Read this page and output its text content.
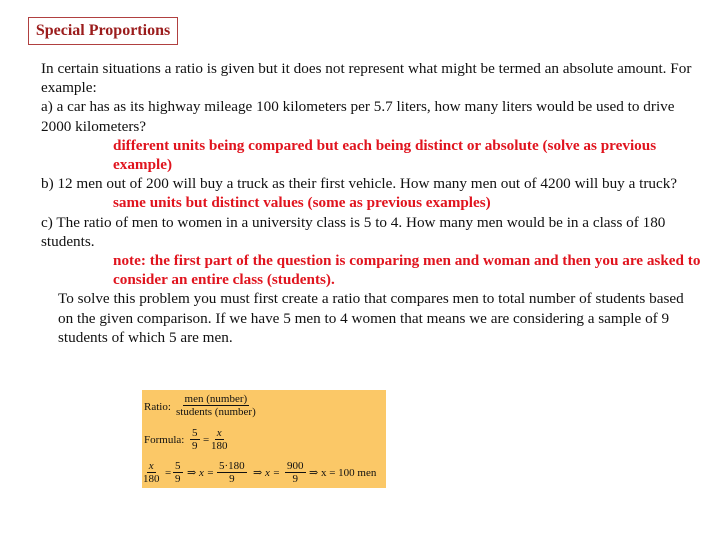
Special Proportions

In certain situations a ratio is given but it does not represent what might be termed an absolute amount. For example:

a) a car has as its highway mileage 100 kilometers per 5.7 liters, how many liters would be used to drive 2000 kilometers?

different units being compared but each being distinct or absolute (solve as previous example)

b) 12 men out of 200 will buy a truck as their first vehicle. How many men out of 4200 will buy a truck?

same units but distinct values (some as previous examples)

c) The ratio of men to women in a university class is 5 to 4. How many men would be in a class of 180 students.

note: the first part of the question is comparing men and woman and then you are asked to consider an entire class (students).

To solve this problem you must first create a ratio that compares men to total number of students based on the given comparison. If we have 5 men to 4 women that means we are considering a sample of 9 students of which 5 are men.

Ratio:
men (number)
students (number)
Formula: $\frac{5}{9} = \frac{x}{180}$
$\frac{x}{180} = \frac{5}{9}$ ⇒ $x = \frac{5\cdot 180}{9}$ ⇒ $x = \frac{900}{9}$ ⇒ x = 100 men
